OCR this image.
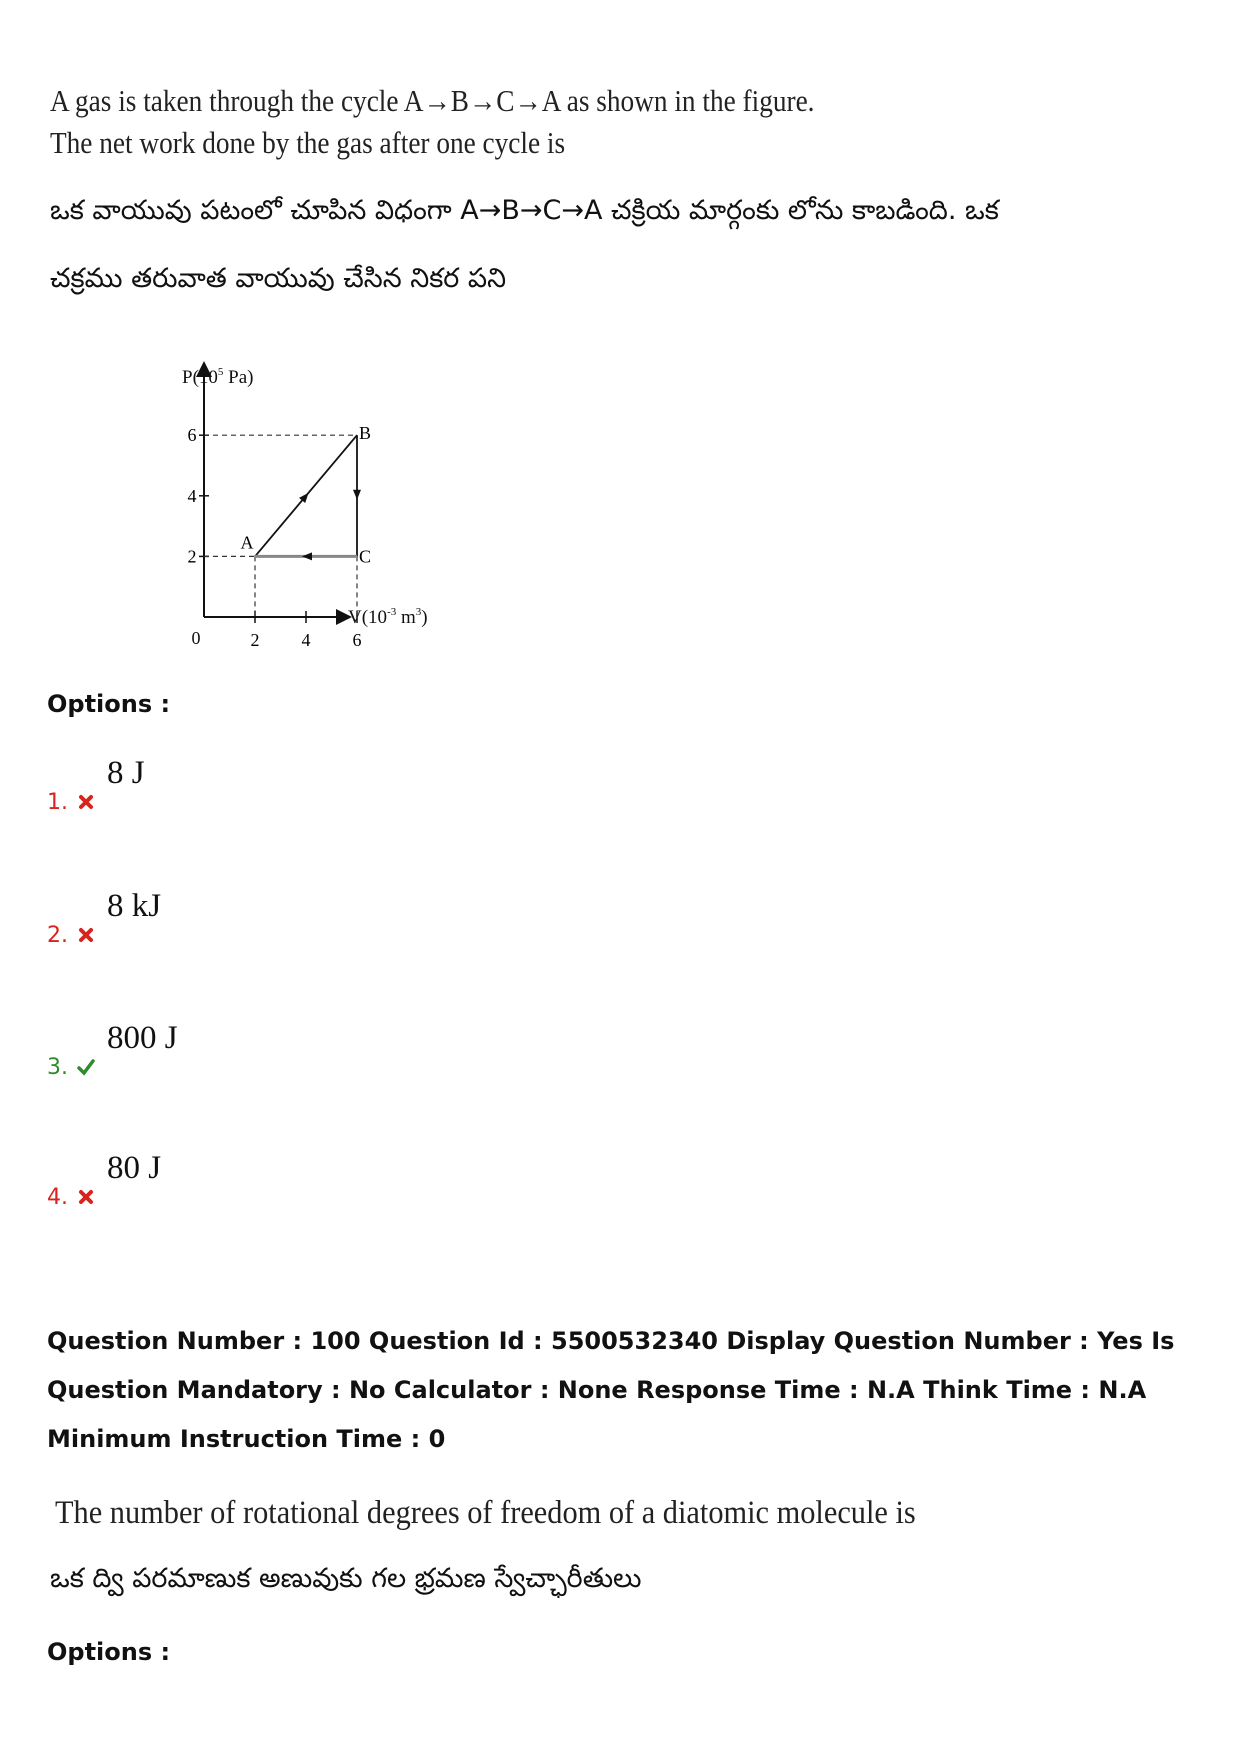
A gas is taken through the cycle A→B→C→A as shown in the figure. The net work done by the gas after one cycle is
ఒక వాయువు పటంలో చూపిన విధంగా A→B→C→A చక్రియ మార్గంకు లోను కాబడింది. ఒక
చక్రము తరువాత వాయువు చేసిన నికర పని
2
4
6
2 4 6
$P(10^5$ Pa)
$V(10^{-3}$ $m^3$)
0
A
B
C
Options :
1.
8 J
2.
8 kJ
3.
800 J
4.
80 J
Question Number : 100 Question Id : 5500532340 Display Question Number : Yes Is Question Mandatory : No Calculator : None Response Time : N.A Think Time : N.A Minimum Instruction Time : 0
The number of rotational degrees of freedom of a diatomic molecule is
ఒక ద్వి పరమాణుక అణువుకు గల భ్రమణ స్వేచ్ఛారీతులు
Options :
